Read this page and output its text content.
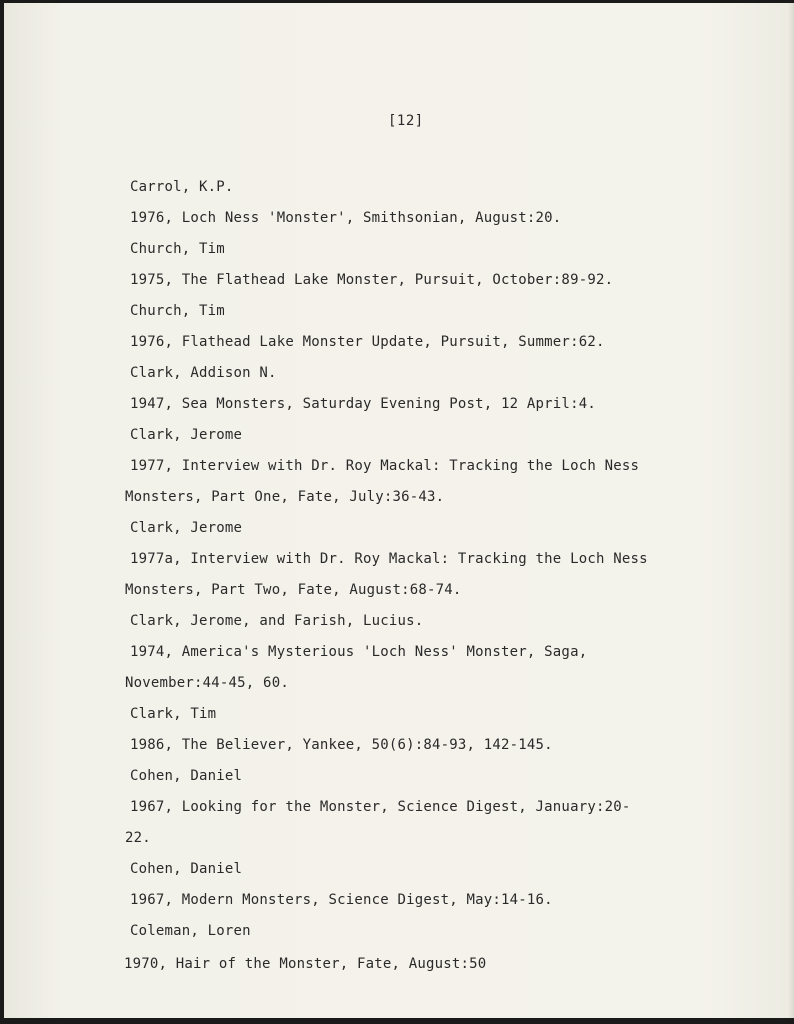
[12]
Carrol, K.P.
1976, Loch Ness 'Monster', Smithsonian, August:20.
Church, Tim
1975, The Flathead Lake Monster, Pursuit, October:89-92.
Church, Tim
1976, Flathead Lake Monster Update, Pursuit, Summer:62.
Clark, Addison N.
1947, Sea Monsters, Saturday Evening Post, 12 April:4.
Clark, Jerome
1977, Interview with Dr. Roy Mackal: Tracking the Loch Ness
Monsters, Part One, Fate, July:36-43.
Clark, Jerome
1977a, Interview with Dr. Roy Mackal: Tracking the Loch Ness
Monsters, Part Two, Fate, August:68-74.
Clark, Jerome, and Farish, Lucius.
1974, America's Mysterious 'Loch Ness' Monster, Saga,
November:44-45, 60.
Clark, Tim
1986, The Believer, Yankee, 50(6):84-93, 142-145.
Cohen, Daniel
1967, Looking for the Monster, Science Digest, January:20-
22.
Cohen, Daniel
1967, Modern Monsters, Science Digest, May:14-16.
Coleman, Loren
1970, Hair of the Monster, Fate, August:50
